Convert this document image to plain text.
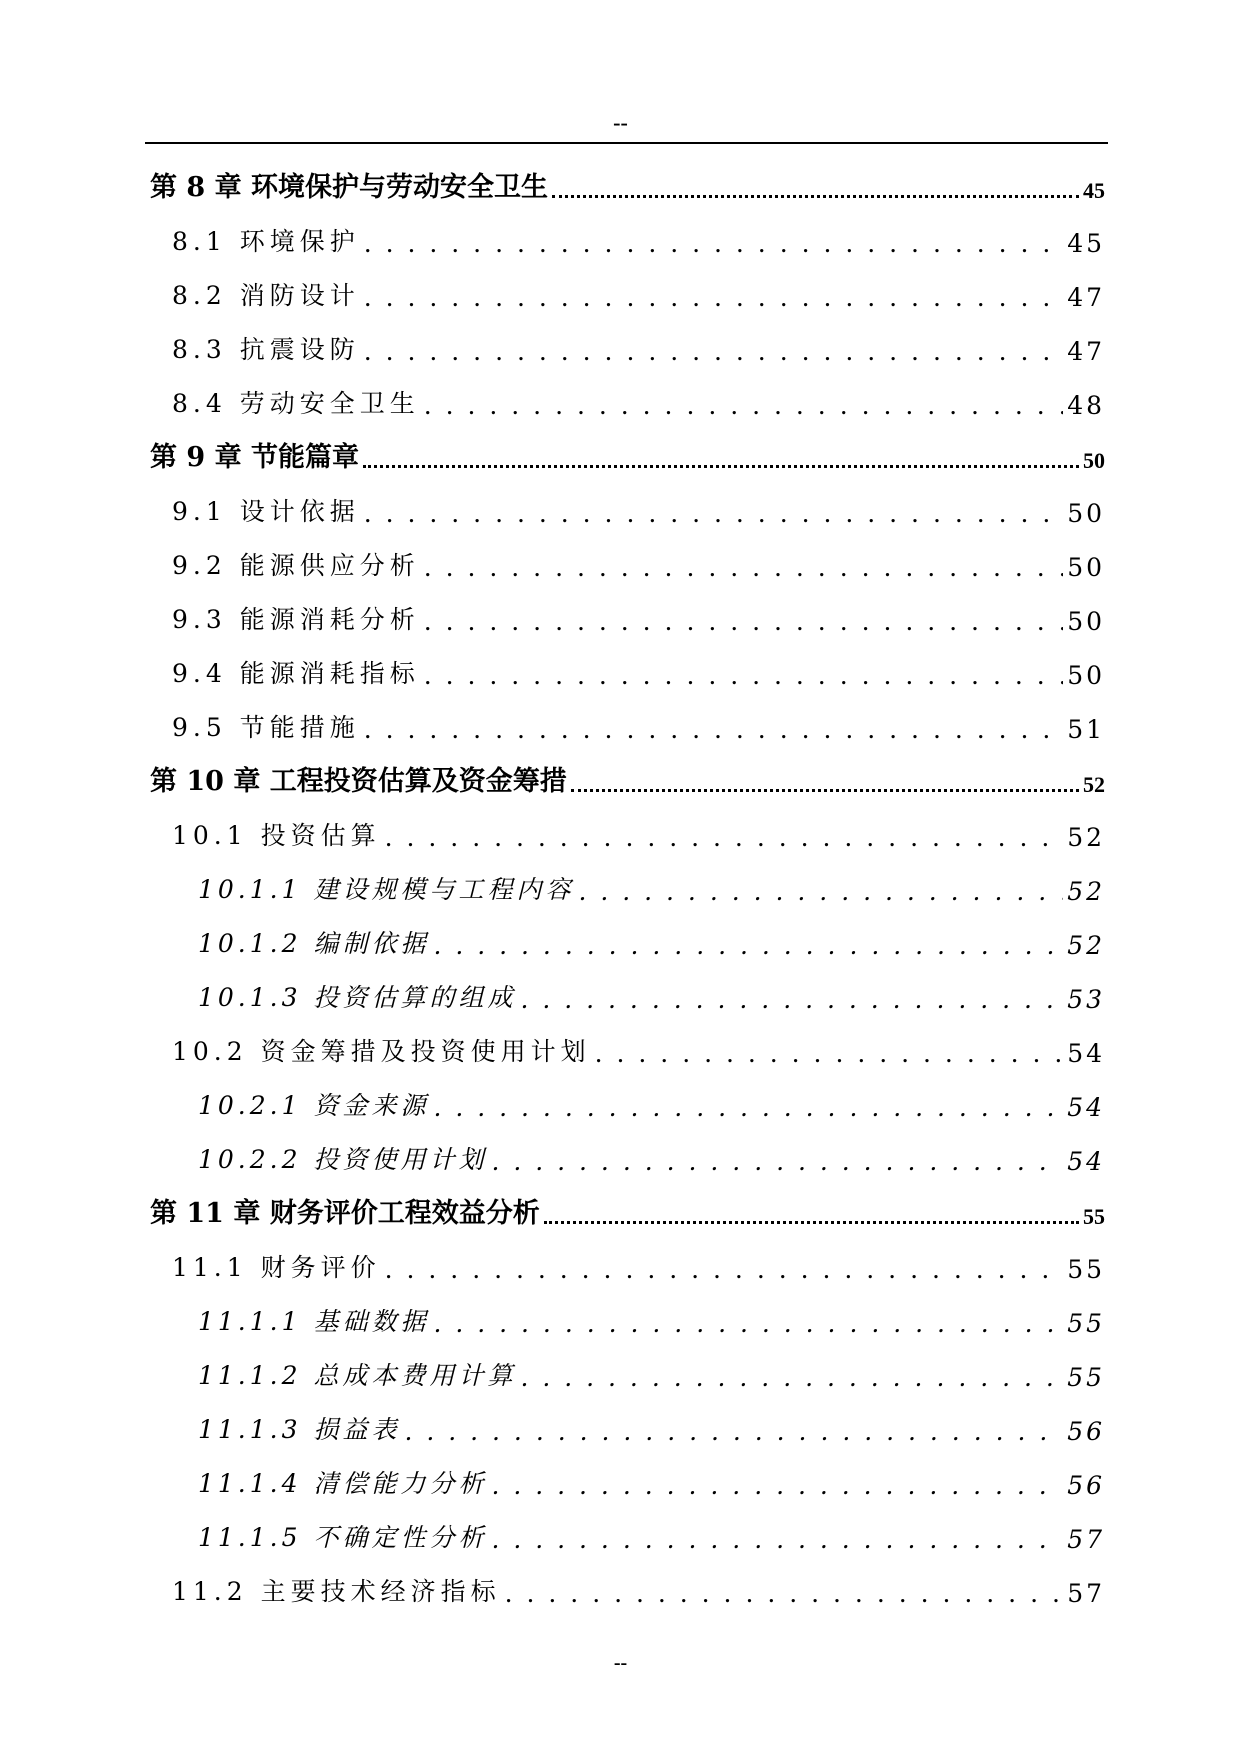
--
第 8 章 环境保护与劳动安全卫生	45
8.1 环境保护 . . .	45
8.2 消防设计 . . .	47
8.3 抗震设防 . . .	47
8.4 劳动安全卫生 . . .	48
第 9 章 节能篇章	50
9.1 设计依据 . . .	50
9.2 能源供应分析 . . .	50
9.3 能源消耗分析 . . .	50
9.4 能源消耗指标 . . .	50
9.5 节能措施 . . .	51
第 10 章 工程投资估算及资金筹措	52
10.1 投资估算 . . .	52
10.1.1 建设规模与工程内容 . . .	52
10.1.2 编制依据 . . .	52
10.1.3 投资估算的组成 . . .	53
10.2 资金筹措及投资使用计划 . . .	54
10.2.1 资金来源 . . .	54
10.2.2 投资使用计划 . . .	54
第 11 章 财务评价工程效益分析	55
11.1 财务评价 . . .	55
11.1.1 基础数据 . . .	55
11.1.2 总成本费用计算 . . .	55
11.1.3 损益表 . . .	56
11.1.4 清偿能力分析 . . .	56
11.1.5 不确定性分析 . . .	57
11.2 主要技术经济指标 . . .	57
--
